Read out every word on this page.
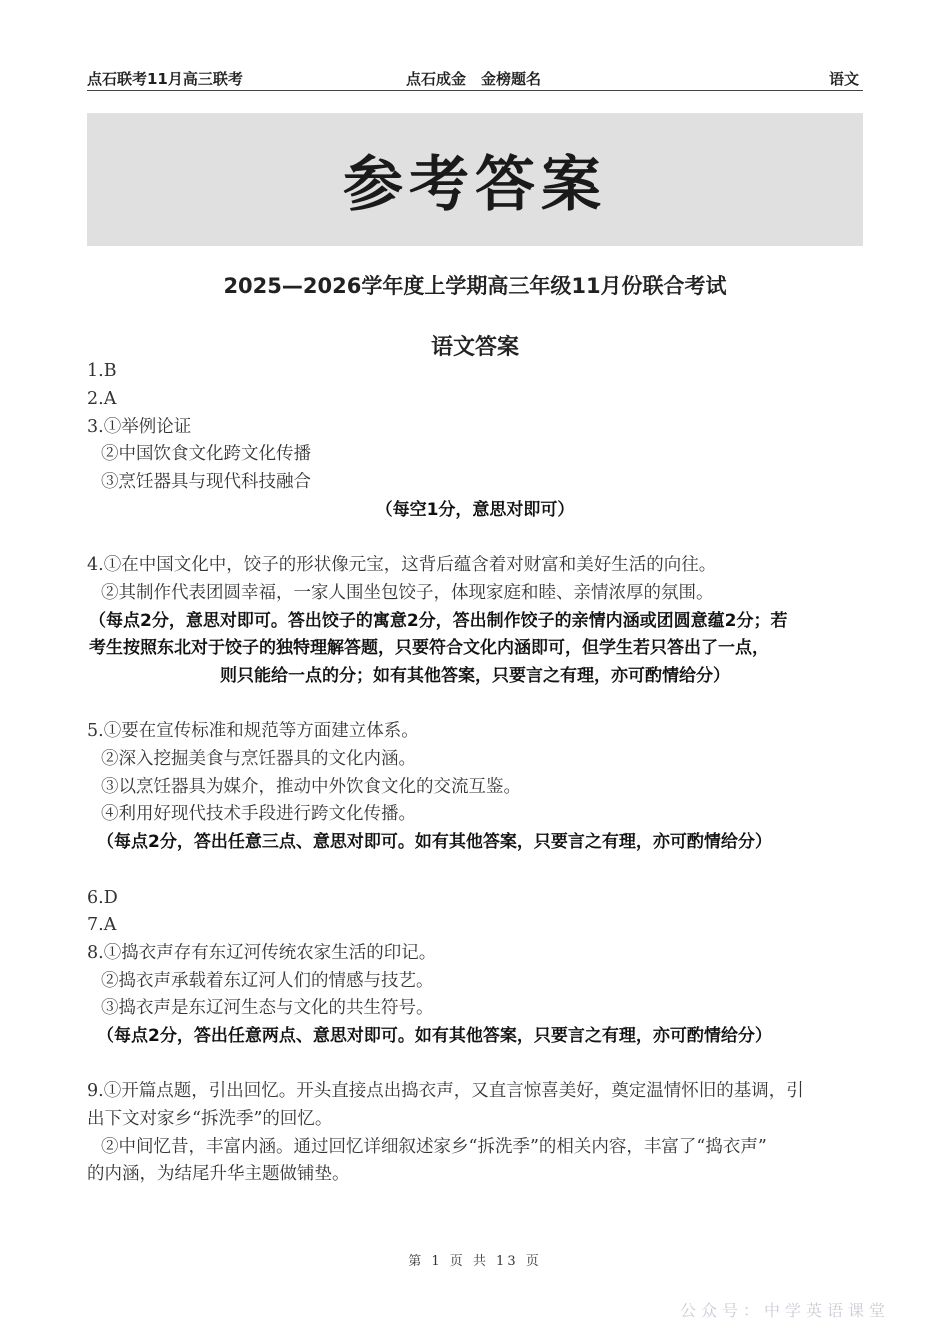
点石联考11月高三联考	点石成金　金榜题名	语文
参考答案
2025—2026学年度上学期高三年级11月份联合考试
语文答案
1.B
2.A
3.①举例论证
②中国饮食文化跨文化传播
③烹饪器具与现代科技融合
（每空1分，意思对即可）
4.①在中国文化中，饺子的形状像元宝，这背后蕴含着对财富和美好生活的向往。
②其制作代表团圆幸福，一家人围坐包饺子，体现家庭和睦、亲情浓厚的氛围。
（每点2分，意思对即可。答出饺子的寓意2分，答出制作饺子的亲情内涵或团圆意蕴2分；若
考生按照东北对于饺子的独特理解答题，只要符合文化内涵即可，但学生若只答出了一点，
则只能给一点的分；如有其他答案，只要言之有理，亦可酌情给分）
5.①要在宣传标准和规范等方面建立体系。
②深入挖掘美食与烹饪器具的文化内涵。
③以烹饪器具为媒介，推动中外饮食文化的交流互鉴。
④利用好现代技术手段进行跨文化传播。
（每点2分，答出任意三点、意思对即可。如有其他答案，只要言之有理，亦可酌情给分）
6.D
7.A
8.①捣衣声存有东辽河传统农家生活的印记。
②捣衣声承载着东辽河人们的情感与技艺。
③捣衣声是东辽河生态与文化的共生符号。
（每点2分，答出任意两点、意思对即可。如有其他答案，只要言之有理，亦可酌情给分）
9.①开篇点题，引出回忆。开头直接点出捣衣声，又直言惊喜美好，奠定温情怀旧的基调，引
出下文对家乡“拆洗季”的回忆。
②中间忆昔，丰富内涵。通过回忆详细叙述家乡“拆洗季”的相关内容，丰富了“捣衣声”
的内涵，为结尾升华主题做铺垫。
第 1 页 共 13 页
公众号：中学英语课堂
